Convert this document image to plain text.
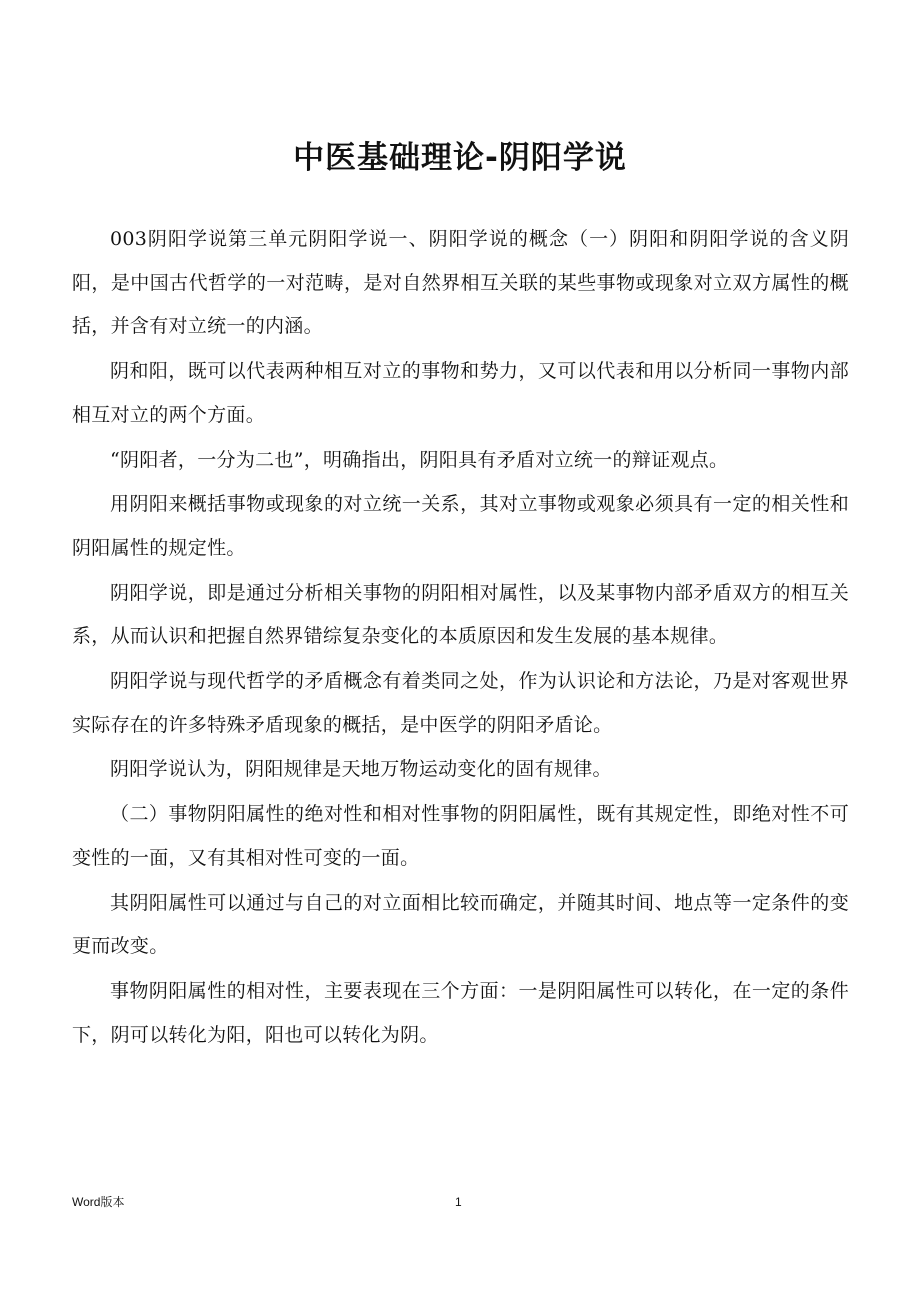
中医基础理论-阴阳学说

003阴阳学说第三单元阴阳学说一、阴阳学说的概念（一）阴阳和阴阳学说的含义阴阳，是中国古代哲学的一对范畴，是对自然界相互关联的某些事物或现象对立双方属性的概括，并含有对立统一的内涵。

阴和阳，既可以代表两种相互对立的事物和势力，又可以代表和用以分析同一事物内部相互对立的两个方面。

“阴阳者，一分为二也”，明确指出，阴阳具有矛盾对立统一的辩证观点。

用阴阳来概括事物或现象的对立统一关系，其对立事物或观象必须具有一定的相关性和阴阳属性的规定性。

阴阳学说，即是通过分析相关事物的阴阳相对属性，以及某事物内部矛盾双方的相互关系，从而认识和把握自然界错综复杂变化的本质原因和发生发展的基本规律。

阴阳学说与现代哲学的矛盾概念有着类同之处，作为认识论和方法论，乃是对客观世界实际存在的许多特殊矛盾现象的概括，是中医学的阴阳矛盾论。

阴阳学说认为，阴阳规律是天地万物运动变化的固有规律。

（二）事物阴阳属性的绝对性和相对性事物的阴阳属性，既有其规定性，即绝对性不可变性的一面，又有其相对性可变的一面。

其阴阳属性可以通过与自己的对立面相比较而确定，并随其时间、地点等一定条件的变更而改变。

事物阴阳属性的相对性，主要表现在三个方面：一是阴阳属性可以转化，在一定的条件下，阴可以转化为阳，阳也可以转化为阴。

Word版本	1
